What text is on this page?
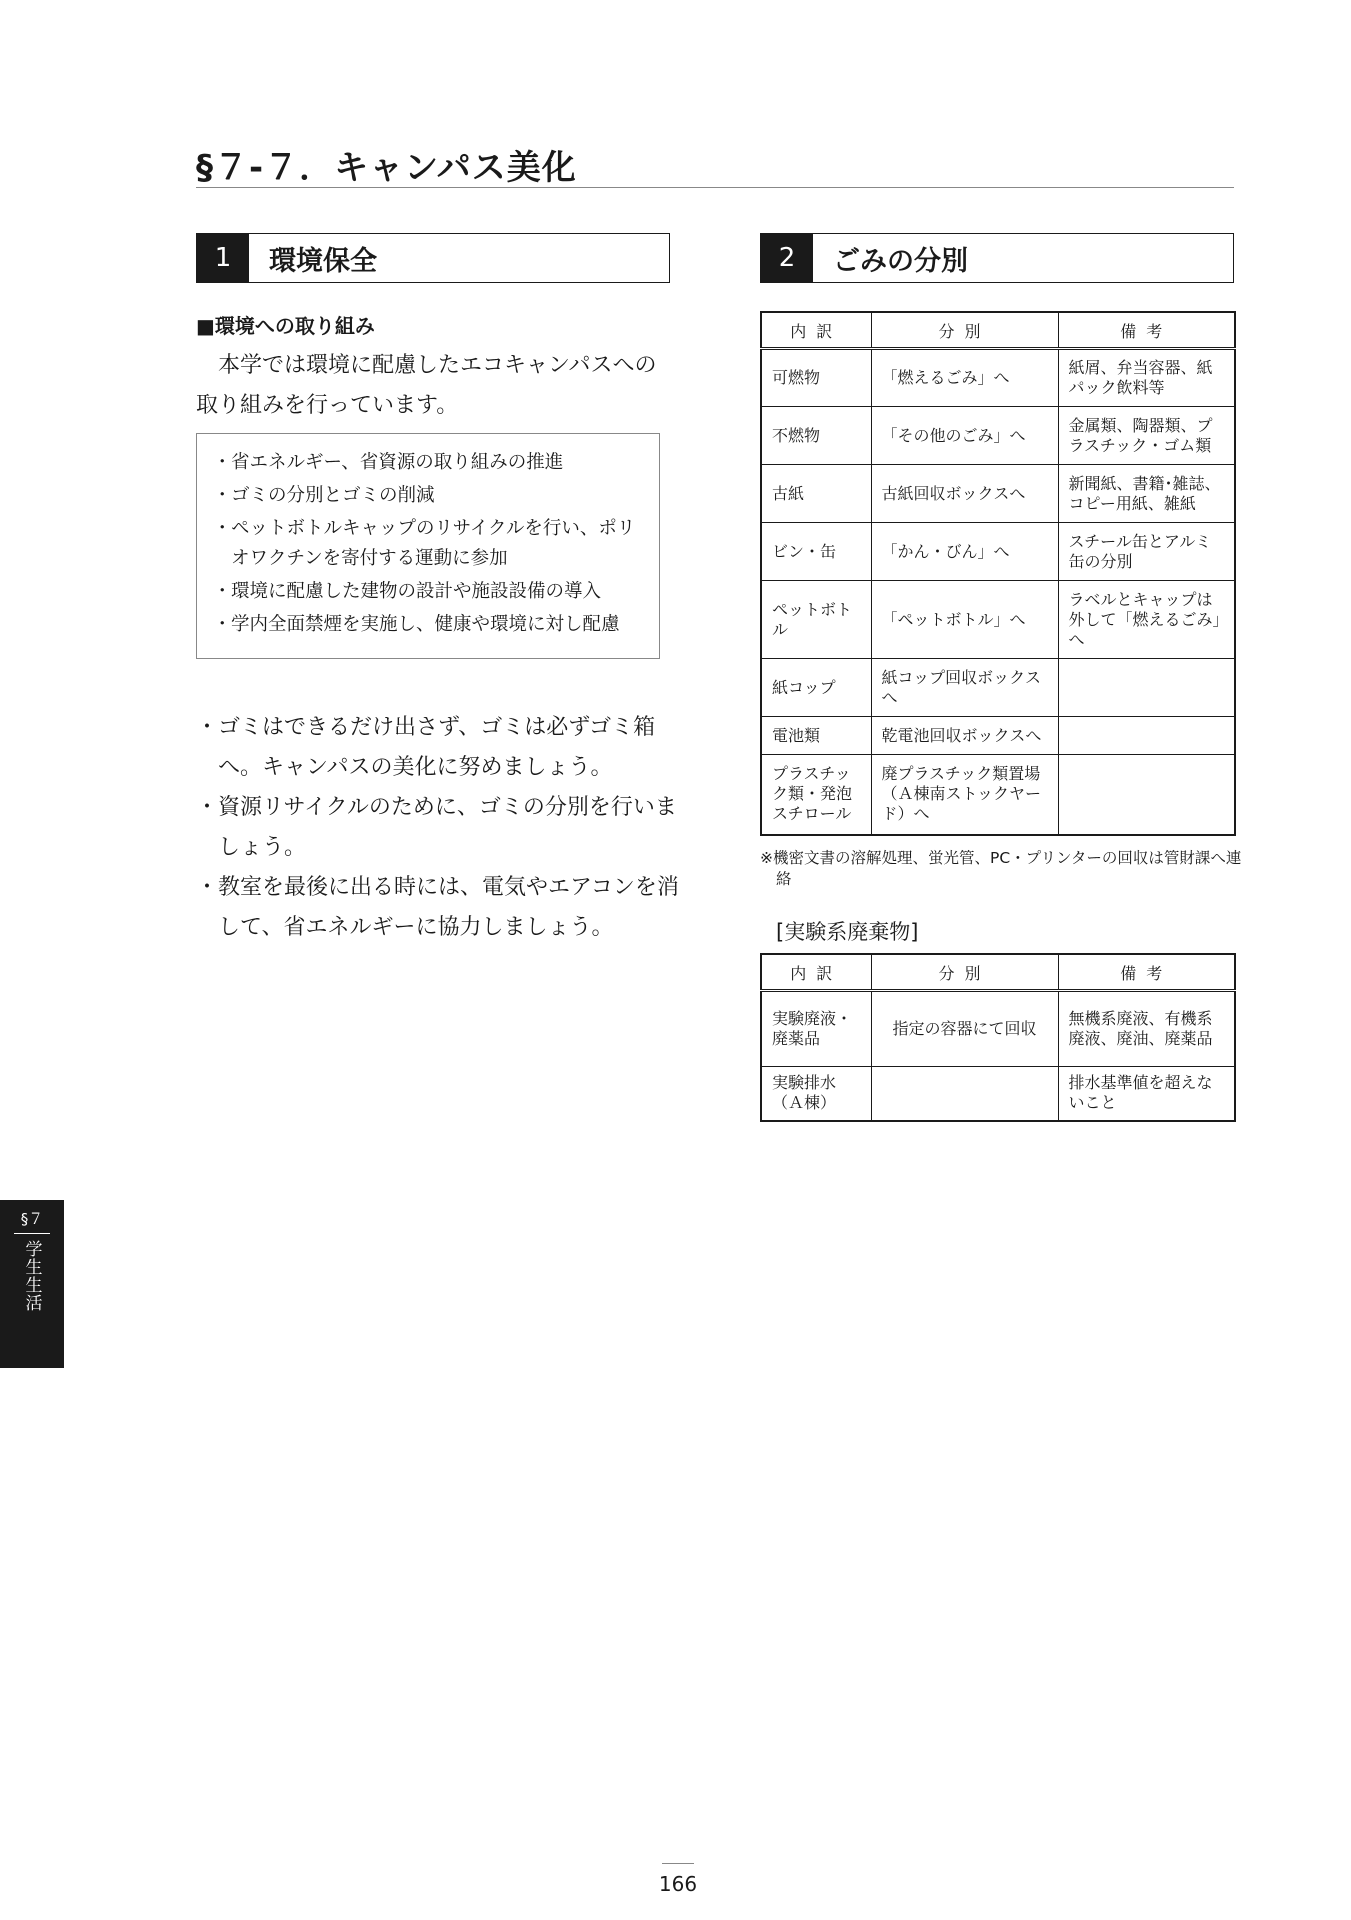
§７-７．キャンパス美化
1	環境保全
■環境への取り組み

本学では環境に配慮したエコキャンパスへの取り組みを行っています。

・ 省エネルギー、省資源の取り組みの推進
・ ゴミの分別とゴミの削減
・ ペットボトルキャップのリサイクルを行い、ポリオワクチンを寄付する運動に参加
・ 環境に配慮した建物の設計や施設設備の導入
・ 学内全面禁煙を実施し、健康や環境に対し配慮
・ ゴミはできるだけ出さず、ゴミは必ずゴミ箱へ。キャンパスの美化に努めましょう。
・ 資源リサイクルのために、ゴミの分別を行いましょう。
・ 教室を最後に出る時には、電気やエアコンを消して、省エネルギーに協力しましょう。
2	ごみの分別
内訳	分別	備考
可燃物	「燃えるごみ」へ	紙屑、弁当容器、紙パック飲料等
不燃物	「その他のごみ」へ	金属類、陶器類、プラスチック・ゴム類
古紙	古紙回収ボックスへ	新聞紙、書籍･雑誌、コピー用紙、雑紙
ビン・缶	「かん・びん」へ	スチール缶とアルミ缶の分別
ペットボトル	「ペットボトル」へ	ラベルとキャップは外して「燃えるごみ」へ
紙コップ	紙コップ回収ボックスへ	
電池類	乾電池回収ボックスへ	
プラスチック類・発泡スチロール	廃プラスチック類置場（Ａ棟南ストックヤード）へ	
※機密文書の溶解処理、蛍光管、PC・プリンターの回収は管財課へ連絡
[実験系廃棄物]
内訳	分別	備考
実験廃液・廃薬品	指定の容器にて回収	無機系廃液、有機系廃液、廃油、廃薬品
実験排水（Ａ棟）		排水基準値を超えないこと
§７
学生生活
166
